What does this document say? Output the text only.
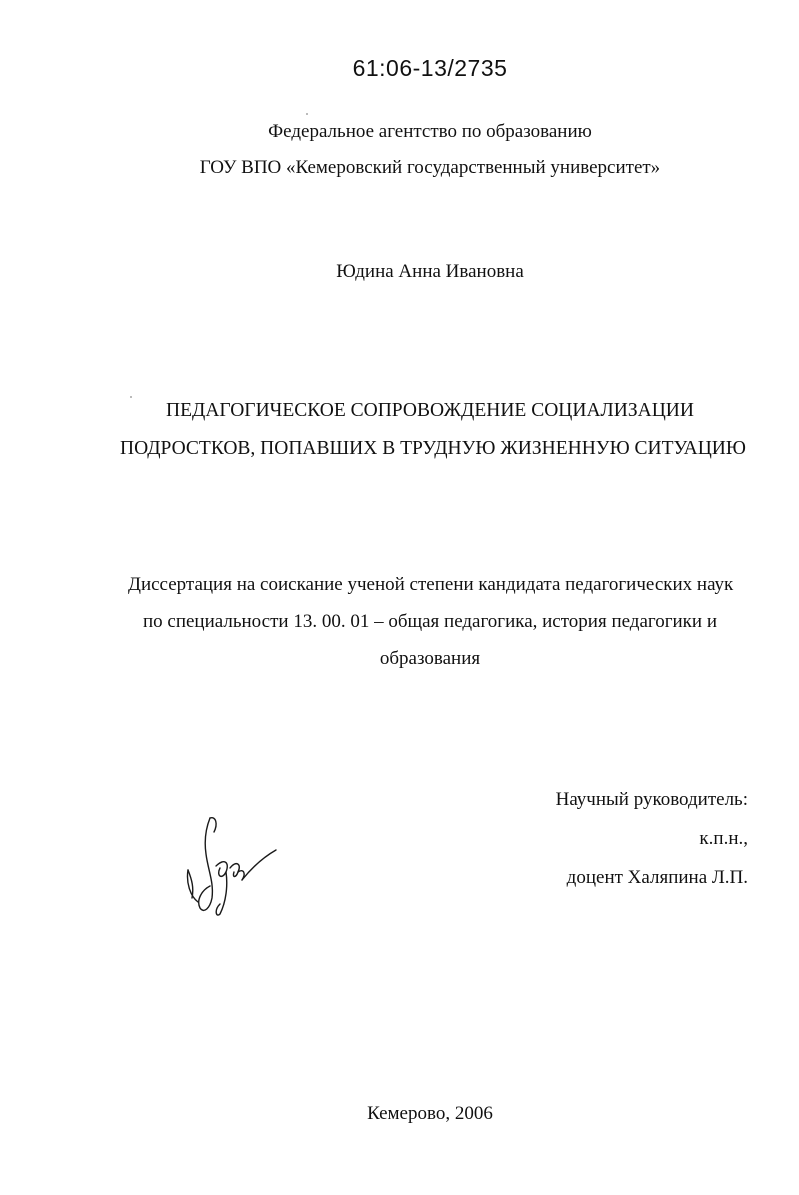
61:06-13/2735
Федеральное агентство по образованию
ГОУ ВПО «Кемеровский государственный университет»
Юдина Анна Ивановна
ПЕДАГОГИЧЕСКОЕ СОПРОВОЖДЕНИЕ СОЦИАЛИЗАЦИИ
ПОДРОСТКОВ, ПОПАВШИХ В ТРУДНУЮ ЖИЗНЕННУЮ СИТУАЦИЮ
Диссертация на соискание ученой степени кандидата педагогических наук
по специальности 13. 00. 01 – общая педагогика, история педагогики и
образования
Научный руководитель:
к.п.н.,
доцент Халяпина Л.П.
Кемерово, 2006
